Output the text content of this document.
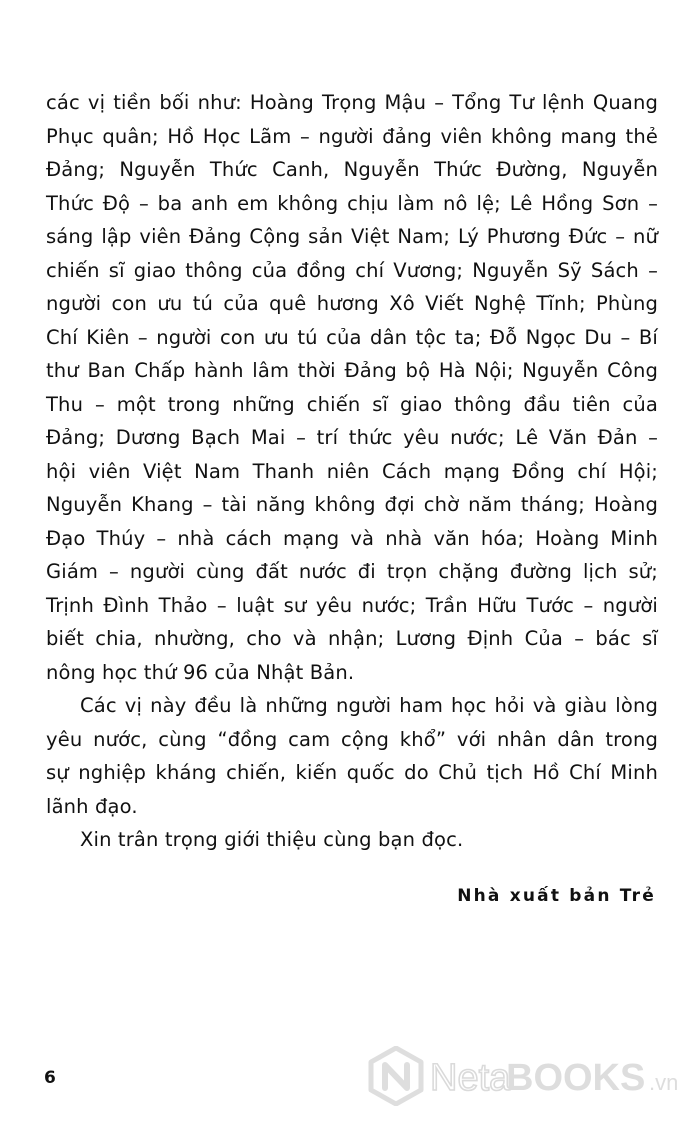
các vị tiền bối như: Hoàng Trọng Mậu – Tổng Tư lệnh Quang
Phục quân; Hồ Học Lãm – người đảng viên không mang thẻ
Đảng; Nguyễn Thức Canh, Nguyễn Thức Đường, Nguyễn
Thức Độ – ba anh em không chịu làm nô lệ; Lê Hồng Sơn –
sáng lập viên Đảng Cộng sản Việt Nam; Lý Phương Đức – nữ
chiến sĩ giao thông của đồng chí Vương; Nguyễn Sỹ Sách –
người con ưu tú của quê hương Xô Viết Nghệ Tĩnh; Phùng
Chí Kiên – người con ưu tú của dân tộc ta; Đỗ Ngọc Du – Bí
thư Ban Chấp hành lâm thời Đảng bộ Hà Nội; Nguyễn Công
Thu – một trong những chiến sĩ giao thông đầu tiên của
Đảng; Dương Bạch Mai – trí thức yêu nước; Lê Văn Đản –
hội viên Việt Nam Thanh niên Cách mạng Đồng chí Hội;
Nguyễn Khang – tài năng không đợi chờ năm tháng; Hoàng
Đạo Thúy – nhà cách mạng và nhà văn hóa; Hoàng Minh
Giám – người cùng đất nước đi trọn chặng đường lịch sử;
Trịnh Đình Thảo – luật sư yêu nước; Trần Hữu Tước – người
biết chia, nhường, cho và nhận; Lương Định Của – bác sĩ
nông học thứ 96 của Nhật Bản.

Các vị này đều là những người ham học hỏi và giàu lòng
yêu nước, cùng “đồng cam cộng khổ” với nhân dân trong
sự nghiệp kháng chiến, kiến quốc do Chủ tịch Hồ Chí Minh
lãnh đạo.

Xin trân trọng giới thiệu cùng bạn đọc.

Nhà xuất bản Trẻ
6	Neta
BOOKS .vn
